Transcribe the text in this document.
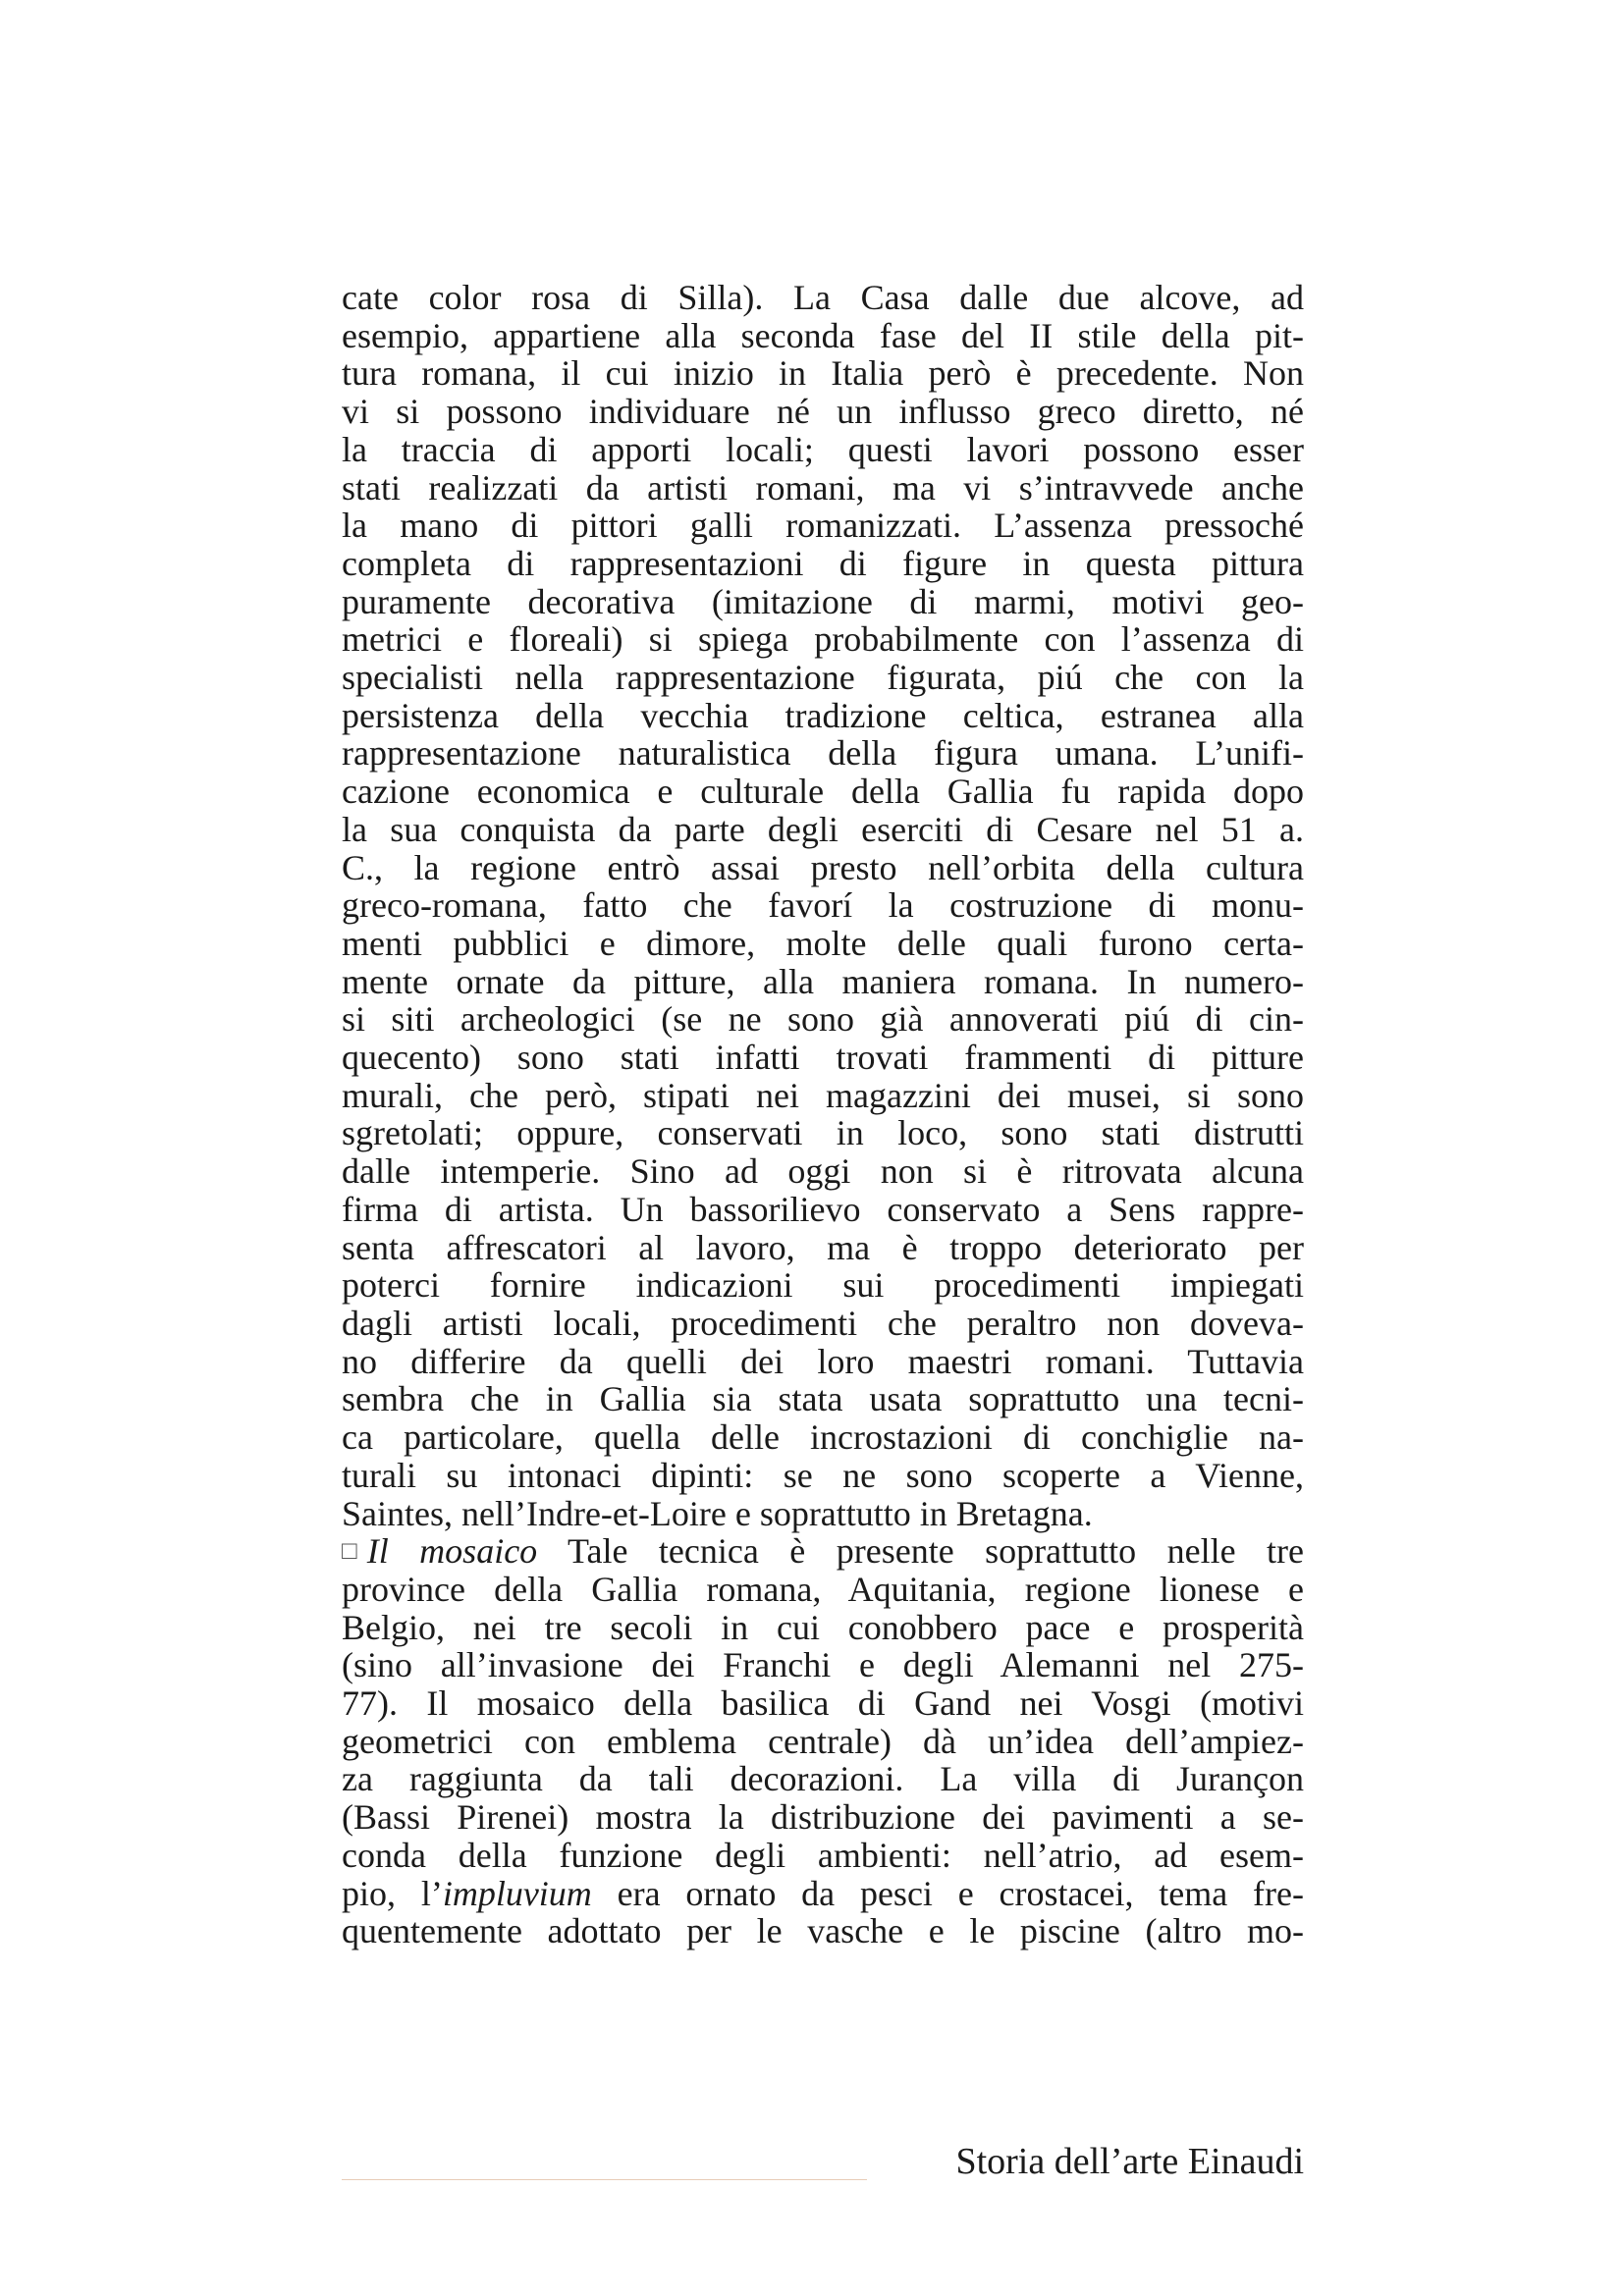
cate color rosa di Silla). La Casa dalle due alcove, ad
esempio, appartiene alla seconda fase del II stile della pit-
tura romana, il cui inizio in Italia però è precedente. Non
vi si possono individuare né un influsso greco diretto, né
la traccia di apporti locali; questi lavori possono esser
stati realizzati da artisti romani, ma vi s’intravvede anche
la mano di pittori galli romanizzati. L’assenza pressoché
completa di rappresentazioni di figure in questa pittura
puramente decorativa (imitazione di marmi, motivi geo-
metrici e floreali) si spiega probabilmente con l’assenza di
specialisti nella rappresentazione figurata, piú che con la
persistenza della vecchia tradizione celtica, estranea alla
rappresentazione naturalistica della figura umana. L’unifi-
cazione economica e culturale della Gallia fu rapida dopo
la sua conquista da parte degli eserciti di Cesare nel 51 a.
C., la regione entrò assai presto nell’orbita della cultura
greco-romana, fatto che favorí la costruzione di monu-
menti pubblici e dimore, molte delle quali furono certa-
mente ornate da pitture, alla maniera romana. In numero-
si siti archeologici (se ne sono già annoverati piú di cin-
quecento) sono stati infatti trovati frammenti di pitture
murali, che però, stipati nei magazzini dei musei, si sono
sgretolati; oppure, conservati in loco, sono stati distrutti
dalle intemperie. Sino ad oggi non si è ritrovata alcuna
firma di artista. Un bassorilievo conservato a Sens rappre-
senta affrescatori al lavoro, ma è troppo deteriorato per
poterci fornire indicazioni sui procedimenti impiegati
dagli artisti locali, procedimenti che peraltro non doveva-
no differire da quelli dei loro maestri romani. Tuttavia
sembra che in Gallia sia stata usata soprattutto una tecni-
ca particolare, quella delle incrostazioni di conchiglie na-
turali su intonaci dipinti: se ne sono scoperte a Vienne,
Saintes, nell’Indre-et-Loire e soprattutto in Bretagna.
□ Il mosaico Tale tecnica è presente soprattutto nelle tre
province della Gallia romana, Aquitania, regione lionese e
Belgio, nei tre secoli in cui conobbero pace e prosperità
(sino all’invasione dei Franchi e degli Alemanni nel 275-
77). Il mosaico della basilica di Gand nei Vosgi (motivi
geometrici con emblema centrale) dà un’idea dell’ampiez-
za raggiunta da tali decorazioni. La villa di Jurançon
(Bassi Pirenei) mostra la distribuzione dei pavimenti a se-
conda della funzione degli ambienti: nell’atrio, ad esem-
pio, l’impluvium era ornato da pesci e crostacei, tema fre-
quentemente adottato per le vasche e le piscine (altro mo-
Storia dell’arte Einaudi
